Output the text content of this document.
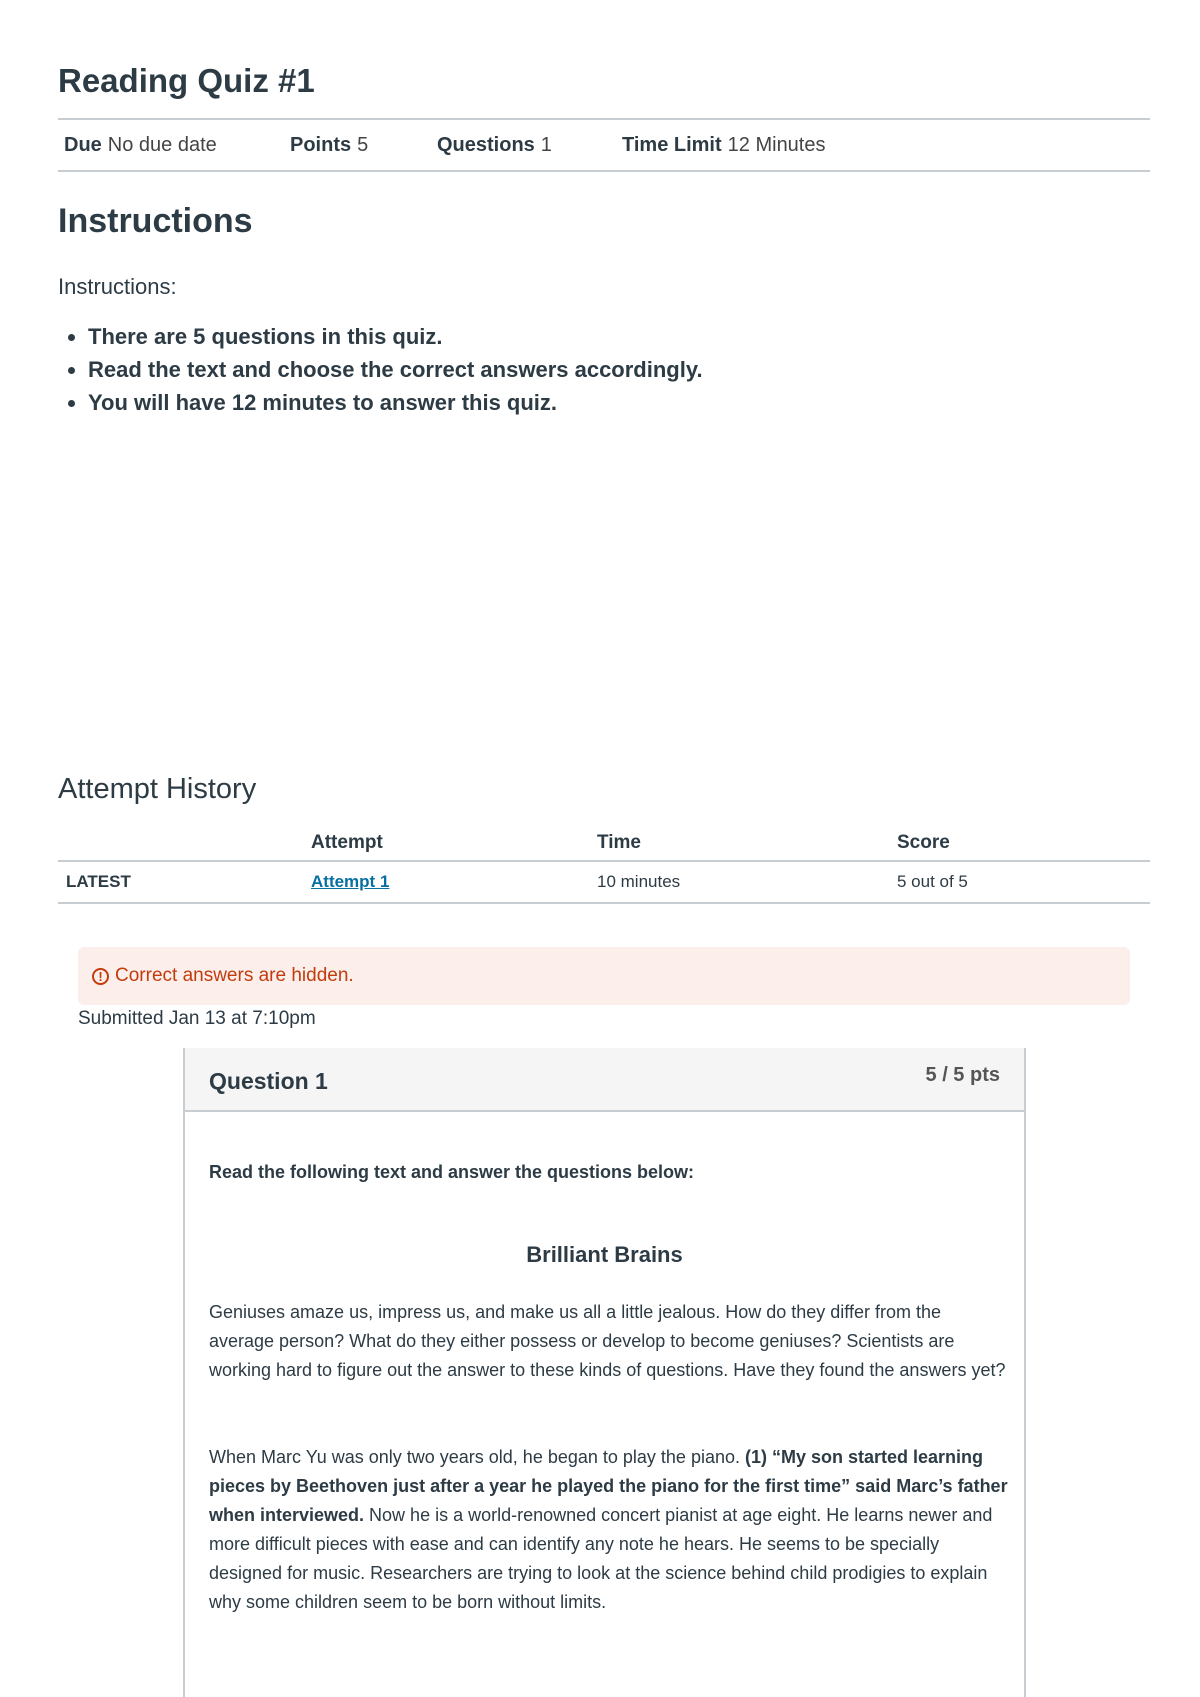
Reading Quiz #1
Due No due date	Points 5	Questions 1	Time Limit 12 Minutes
Instructions
Instructions:
• There are 5 questions in this quiz.
• Read the text and choose the correct answers accordingly.
• You will have 12 minutes to answer this quiz.
Attempt History
	Attempt	Time	Score
LATEST	Attempt 1	10 minutes	5 out of 5
! Correct answers are hidden.
Submitted Jan 13 at 7:10pm
Question 1	5 / 5 pts
Read the following text and answer the questions below:
Brilliant Brains

Geniuses amaze us, impress us, and make us all a little jealous. How do they differ from the average person? What do they either possess or develop to become geniuses? Scientists are working hard to figure out the answer to these kinds of questions. Have they found the answers yet?

When Marc Yu was only two years old, he began to play the piano. (1) “My son started learning pieces by Beethoven just after a year he played the piano for the first time” said Marc’s father when interviewed. Now he is a world-renowned concert pianist at age eight. He learns newer and more difficult pieces with ease and can identify any note he hears. He seems to be specially designed for music. Researchers are trying to look at the science behind child prodigies to explain why some children seem to be born without limits.
